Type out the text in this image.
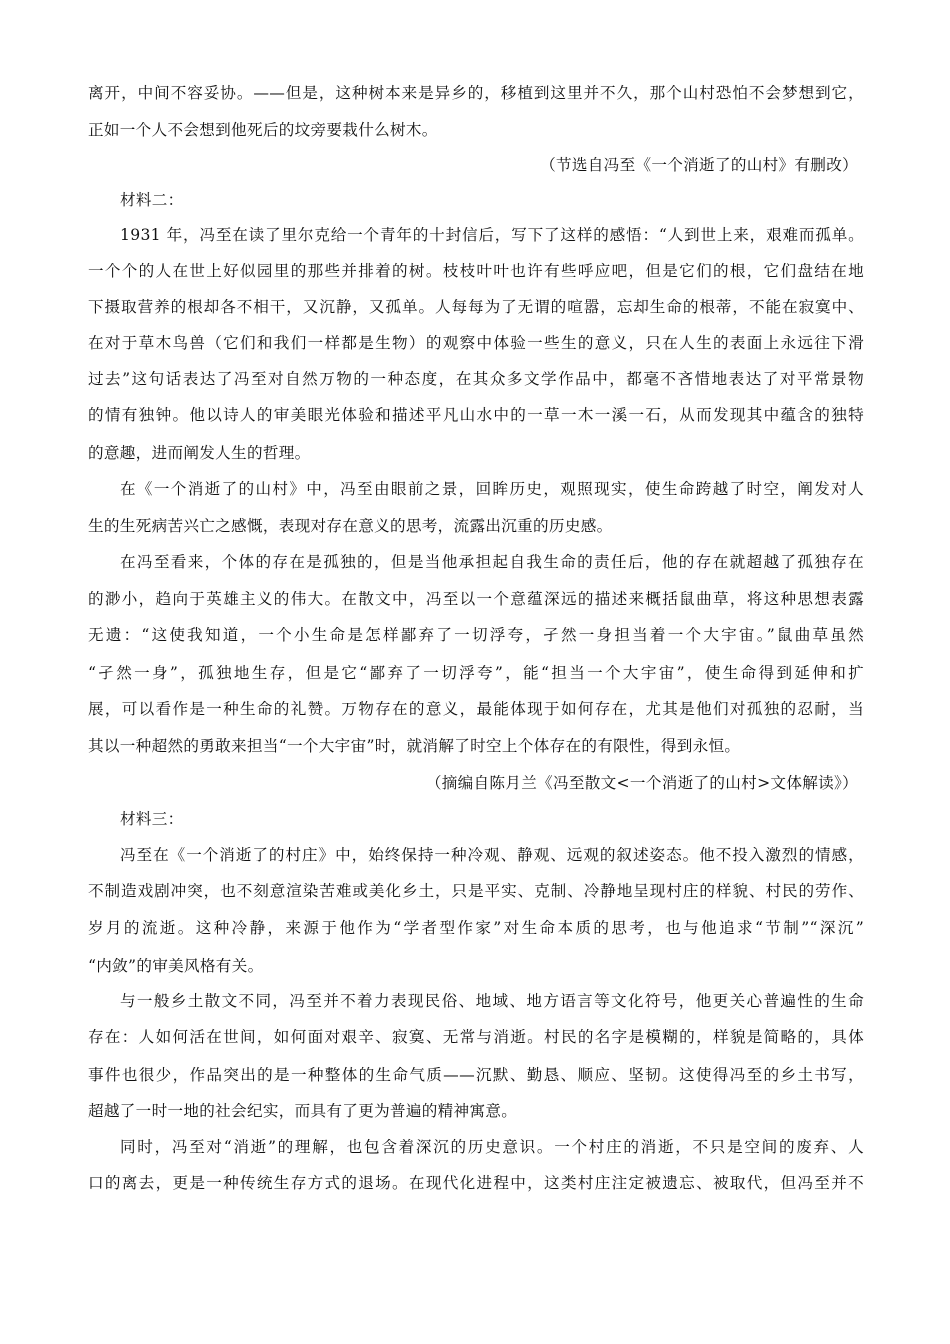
离开，中间不容妥协。——但是，这种树本来是异乡的，移植到这里并不久，那个山村恐怕不会梦想到它，
正如一个人不会想到他死后的坟旁要栽什么树木。
（节选自冯至《一个消逝了的山村》有删改）
材料二：
1931 年，冯至在读了里尔克给一个青年的十封信后，写下了这样的感悟：“人到世上来，艰难而孤单。
一个个的人在世上好似园里的那些并排着的树。枝枝叶叶也许有些呼应吧，但是它们的根，它们盘结在地
下摄取营养的根却各不相干，又沉静，又孤单。人每每为了无谓的喧嚣，忘却生命的根蒂，不能在寂寞中、
在对于草木鸟兽（它们和我们一样都是生物）的观察中体验一些生的意义，只在人生的表面上永远往下滑
过去”这句话表达了冯至对自然万物的一种态度，在其众多文学作品中，都毫不吝惜地表达了对平常景物
的情有独钟。他以诗人的审美眼光体验和描述平凡山水中的一草一木一溪一石，从而发现其中蕴含的独特
的意趣，进而阐发人生的哲理。
在《一个消逝了的山村》中，冯至由眼前之景，回眸历史，观照现实，使生命跨越了时空，阐发对人
生的生死病苦兴亡之感慨，表现对存在意义的思考，流露出沉重的历史感。
在冯至看来，个体的存在是孤独的，但是当他承担起自我生命的责任后，他的存在就超越了孤独存在
的渺小，趋向于英雄主义的伟大。在散文中，冯至以一个意蕴深远的描述来概括鼠曲草，将这种思想表露
无遗：“这使我知道，一个小生命是怎样鄙弃了一切浮夸，孑然一身担当着一个大宇宙。”鼠曲草虽然
“孑然一身”，孤独地生存，但是它“鄙弃了一切浮夸”，能“担当一个大宇宙”，使生命得到延伸和扩
展，可以看作是一种生命的礼赞。万物存在的意义，最能体现于如何存在，尤其是他们对孤独的忍耐，当
其以一种超然的勇敢来担当“一个大宇宙”时，就消解了时空上个体存在的有限性，得到永恒。
（摘编自陈月兰《冯至散文<一个消逝了的山村>文体解读》）
材料三：
冯至在《一个消逝了的村庄》中，始终保持一种冷观、静观、远观的叙述姿态。他不投入激烈的情感，
不制造戏剧冲突，也不刻意渲染苦难或美化乡土，只是平实、克制、冷静地呈现村庄的样貌、村民的劳作、
岁月的流逝。这种冷静，来源于他作为“学者型作家”对生命本质的思考，也与他追求“节制”“深沉”
“内敛”的审美风格有关。
与一般乡土散文不同，冯至并不着力表现民俗、地域、地方语言等文化符号，他更关心普遍性的生命
存在：人如何活在世间，如何面对艰辛、寂寞、无常与消逝。村民的名字是模糊的，样貌是简略的，具体
事件也很少，作品突出的是一种整体的生命气质——沉默、勤恳、顺应、坚韧。这使得冯至的乡土书写，
超越了一时一地的社会纪实，而具有了更为普遍的精神寓意。
同时，冯至对“消逝”的理解，也包含着深沉的历史意识。一个村庄的消逝，不只是空间的废弃、人
口的离去，更是一种传统生存方式的退场。在现代化进程中，这类村庄注定被遗忘、被取代，但冯至并不
